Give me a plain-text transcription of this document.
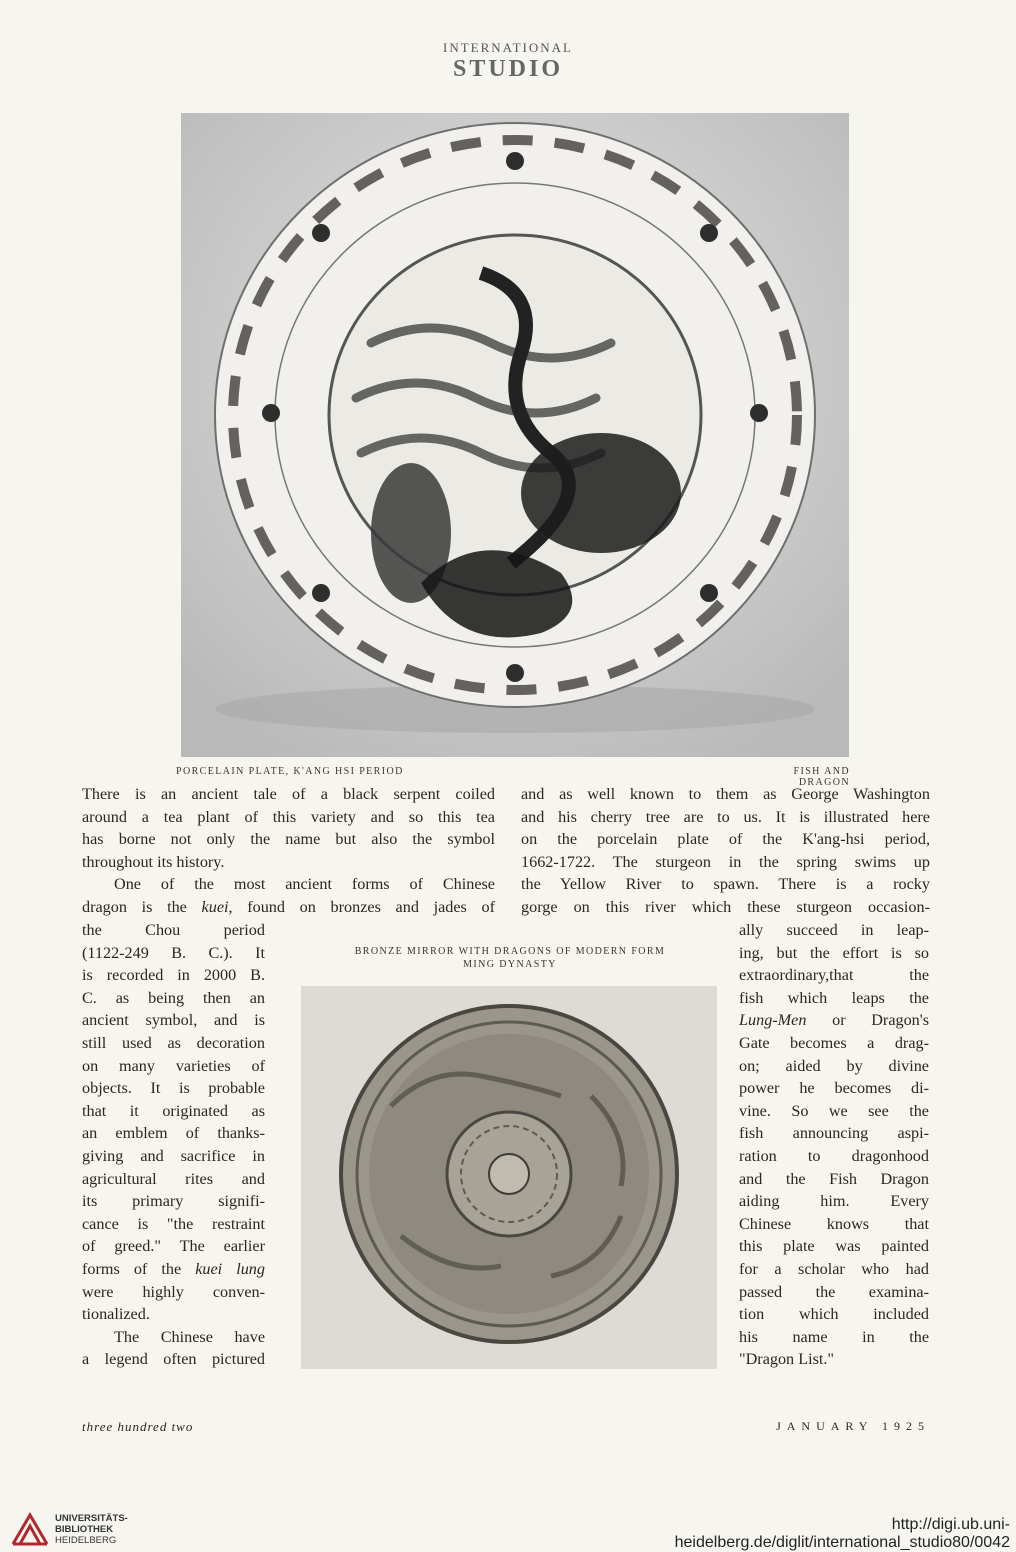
INTERNATIONAL
STUDIO
PORCELAIN PLATE, K'ANG HSI PERIOD	FISH AND DRAGON
There is an ancient tale of a black serpent coiled
around a tea plant of this variety and so this tea
has borne not only the name but also the symbol
throughout its history.
One of the most ancient forms of Chinese
dragon is the kuei, found on bronzes and jades of
the Chou period
(1122-249 B. C.). It
is recorded in 2000 B.
C. as being then an
ancient symbol, and is
still used as decoration
on many varieties of
objects. It is probable
that it originated as
an emblem of thanks-
giving and sacrifice in
agricultural rites and
its primary signifi-
cance is "the restraint
of greed." The earlier
forms of the kuei lung
were highly conven-
tionalized.
The Chinese have
a legend often pictured
and as well known to them as George Washington
and his cherry tree are to us. It is illustrated here
on the porcelain plate of the K'ang-hsi period,
1662-1722. The sturgeon in the spring swims up
the Yellow River to spawn. There is a rocky
gorge on this river which these sturgeon occasion-
BRONZE MIRROR WITH DRAGONS OF MODERN FORM
MING DYNASTY
ally succeed in leap-
ing, but the effort is so
extraordinary,that the
fish which leaps the
Lung-Men or Dragon's
Gate becomes a drag-
on; aided by divine
power he becomes di-
vine. So we see the
fish announcing aspi-
ration to dragonhood
and the Fish Dragon
aiding him. Every
Chinese knows that
this plate was painted
for a scholar who had
passed the examina-
tion which included
his name in the
"Dragon List."
three hundred two	JANUARY 1925
UNIVERSITÄTS-
BIBLIOTHEK
HEIDELBERG
http://digi.ub.uni-heidelberg.de/diglit/international_studio80/0042
